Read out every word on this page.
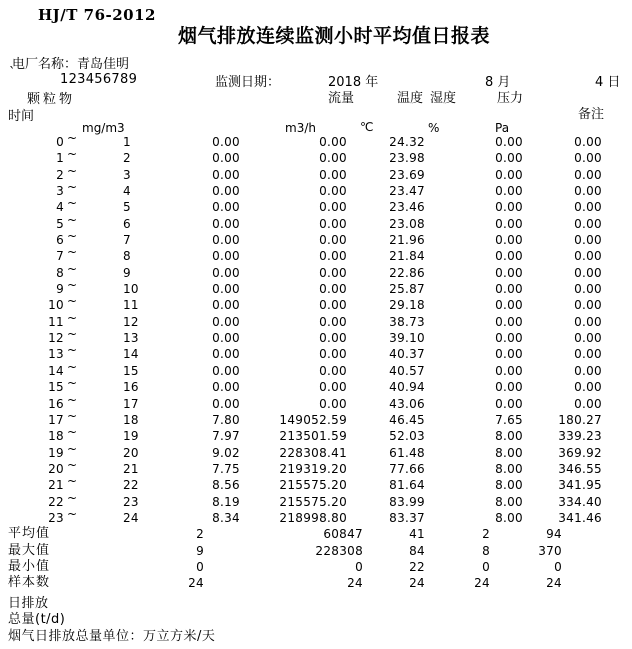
HJ/T 76-2012
烟气排放连续监测小时平均值日报表
电厂名称：青岛佳明
`	123456789	监测日期：	2018 年	8 月	4 日
颗粒物	流量	温度 湿度	压力
时间	备注
mg/m3	m3/h	℃	%	Pa
0 ~	1	0.00	0.00	24.32	0.00	0.00
1 ~	2	0.00	0.00	23.98	0.00	0.00
2 ~	3	0.00	0.00	23.69	0.00	0.00
3 ~	4	0.00	0.00	23.47	0.00	0.00
4 ~	5	0.00	0.00	23.46	0.00	0.00
5 ~	6	0.00	0.00	23.08	0.00	0.00
6 ~	7	0.00	0.00	21.96	0.00	0.00
7 ~	8	0.00	0.00	21.84	0.00	0.00
8 ~	9	0.00	0.00	22.86	0.00	0.00
9 ~	10	0.00	0.00	25.87	0.00	0.00
10 ~	11	0.00	0.00	29.18	0.00	0.00
11 ~	12	0.00	0.00	38.73	0.00	0.00
12 ~	13	0.00	0.00	39.10	0.00	0.00
13 ~	14	0.00	0.00	40.37	0.00	0.00
14 ~	15	0.00	0.00	40.57	0.00	0.00
15 ~	16	0.00	0.00	40.94	0.00	0.00
16 ~	17	0.00	0.00	43.06	0.00	0.00
17 ~	18	7.80	149052.59	46.45	7.65	180.27
18 ~	19	7.97	213501.59	52.03	8.00	339.23
19 ~	20	9.02	228308.41	61.48	8.00	369.92
20 ~	21	7.75	219319.20	77.66	8.00	346.55
21 ~	22	8.56	215575.20	81.64	8.00	341.95
22 ~	23	8.19	215575.20	83.99	8.00	334.40
23 ~	24	8.34	218998.80	83.37	8.00	341.46
平均值	2	60847	41	2	94
最大值	9	228308	84	8	370
最小值	0	0	22	0	0
样本数	24	24	24	24	24
日排放
总量(t/d)
烟气日排放总量单位：万立方米/天
